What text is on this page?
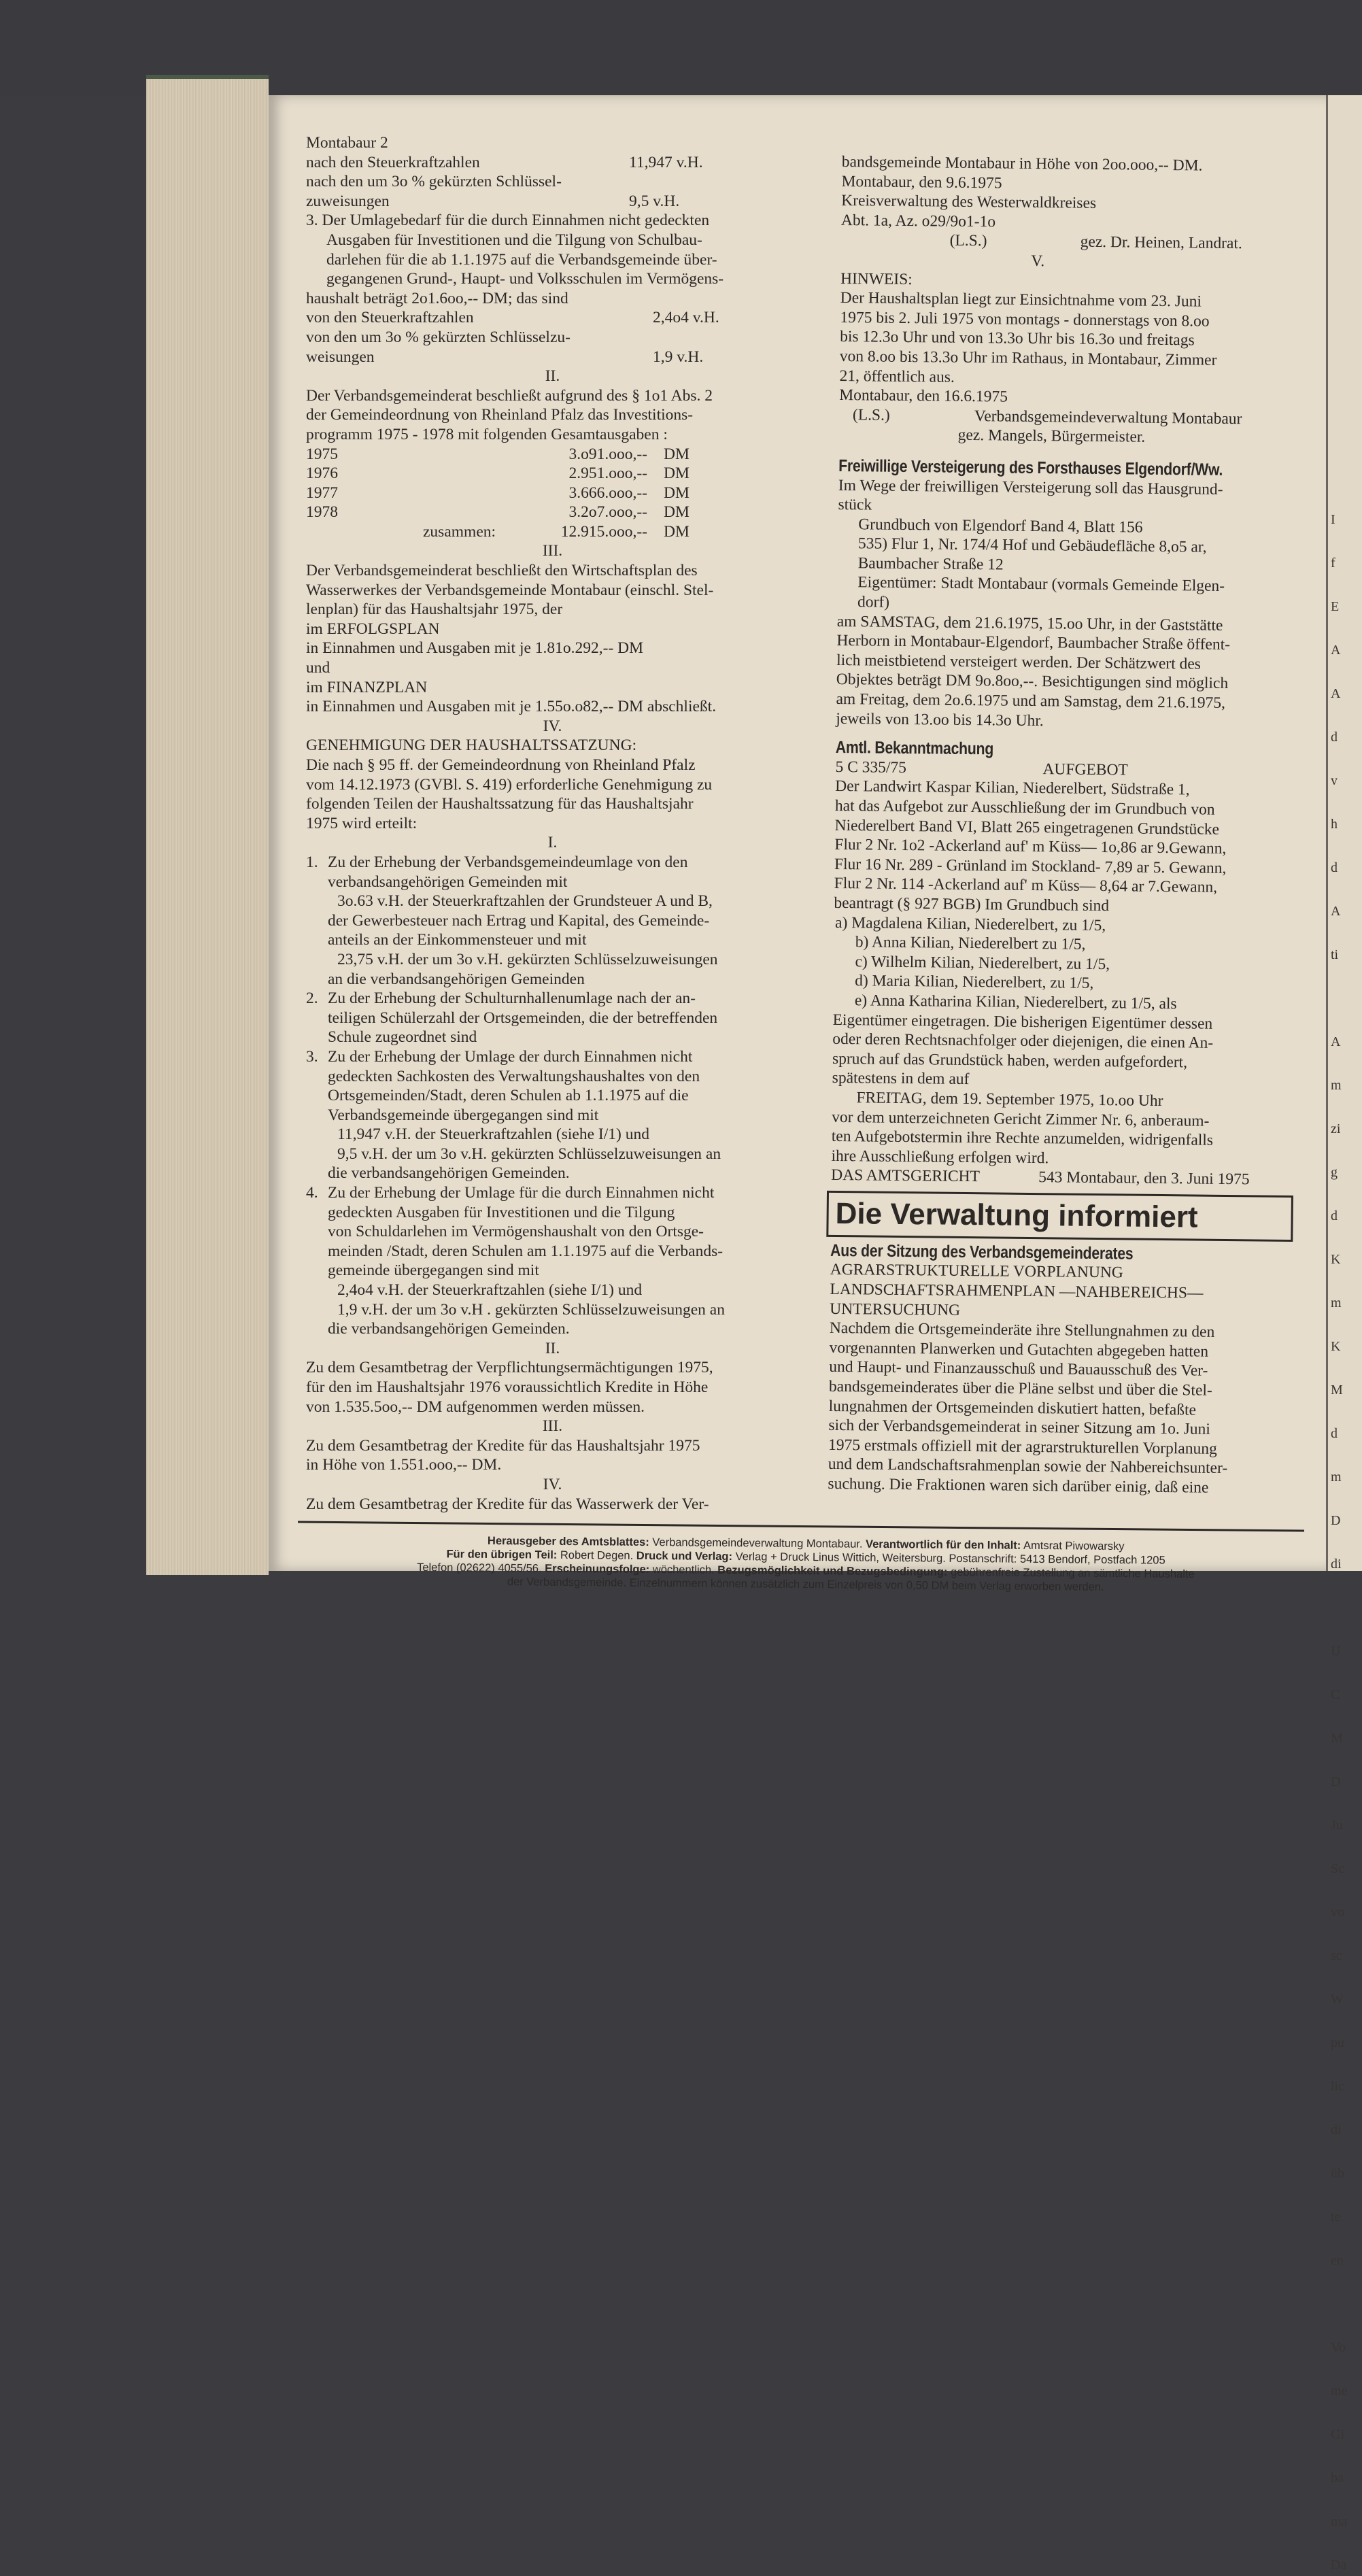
I
f
E
A
A
d
v
h
d
A
ti
A
m
zi
g
d
K
m
K
M
d
m
D
di
U
C
M
D
Ju
Sc
vo
sc
W
pu
lic
di
üb
te
en
Vo
me
Gi
ba
ma
Da
Montabaur 2
nach den Steuerkraftzahlen	11,947 v.H.
nach den um 3o % gekürzten Schlüssel-
zuweisungen	9,5 v.H.
3. Der Umlagebedarf für die durch Einnahmen nicht gedeckten
Ausgaben für Investitionen und die Tilgung von Schulbau-
darlehen für die ab 1.1.1975 auf die Verbandsgemeinde über-
gegangenen Grund-, Haupt- und Volksschulen im Vermögens-
haushalt beträgt 2o1.6oo,-- DM; das sind
von den Steuerkraftzahlen	2,4o4 v.H.
von den um 3o % gekürzten Schlüsselzu-
weisungen	1,9 v.H.
II.
Der Verbandsgemeinderat beschließt aufgrund des § 1o1 Abs. 2
der Gemeindeordnung von Rheinland Pfalz das Investitions-
programm 1975 - 1978 mit folgenden Gesamtausgaben :
1975	3.o91.ooo,--	DM
1976	2.951.ooo,--	DM
1977	3.666.ooo,--	DM
1978	3.2o7.ooo,--	DM
zusammen:	12.915.ooo,--	DM
III.
Der Verbandsgemeinderat beschließt den Wirtschaftsplan des
Wasserwerkes der Verbandsgemeinde Montabaur (einschl. Stel-
lenplan) für das Haushaltsjahr 1975, der
im ERFOLGSPLAN
in Einnahmen und Ausgaben mit je 1.81o.292,-- DM
und
im FINANZPLAN
in Einnahmen und Ausgaben mit je 1.55o.o82,-- DM abschließt.
IV.
GENEHMIGUNG DER HAUSHALTSSATZUNG:
Die nach § 95 ff. der Gemeindeordnung von Rheinland Pfalz
vom 14.12.1973 (GVBl. S. 419) erforderliche Genehmigung zu
folgenden Teilen der Haushaltssatzung für das Haushaltsjahr
1975 wird erteilt:
I.
1. Zu der Erhebung der Verbandsgemeindeumlage von den
verbandsangehörigen Gemeinden mit
3o.63 v.H. der Steuerkraftzahlen der Grundsteuer A und B,
der Gewerbesteuer nach Ertrag und Kapital, des Gemeinde-
anteils an der Einkommensteuer und mit
23,75 v.H. der um 3o v.H. gekürzten Schlüsselzuweisungen
an die verbandsangehörigen Gemeinden
2. Zu der Erhebung der Schulturnhallenumlage nach der an-
teiligen Schülerzahl der Ortsgemeinden, die der betreffenden
Schule zugeordnet sind
3. Zu der Erhebung der Umlage der durch Einnahmen nicht
gedeckten Sachkosten des Verwaltungshaushaltes von den
Ortsgemeinden/Stadt, deren Schulen ab 1.1.1975 auf die
Verbandsgemeinde übergegangen sind mit
11,947 v.H. der Steuerkraftzahlen (siehe I/1) und
9,5 v.H. der um 3o v.H. gekürzten Schlüsselzuweisungen an
die verbandsangehörigen Gemeinden.
4. Zu der Erhebung der Umlage für die durch Einnahmen nicht
gedeckten Ausgaben für Investitionen und die Tilgung
von Schuldarlehen im Vermögenshaushalt von den Ortsge-
meinden /Stadt, deren Schulen am 1.1.1975 auf die Verbands-
gemeinde übergegangen sind mit
2,4o4 v.H. der Steuerkraftzahlen (siehe I/1) und
1,9 v.H. der um 3o v.H . gekürzten Schlüsselzuweisungen an
die verbandsangehörigen Gemeinden.
II.
Zu dem Gesamtbetrag der Verpflichtungsermächtigungen 1975,
für den im Haushaltsjahr 1976 voraussichtlich Kredite in Höhe
von 1.535.5oo,-- DM aufgenommen werden müssen.
III.
Zu dem Gesamtbetrag der Kredite für das Haushaltsjahr 1975
in Höhe von 1.551.ooo,-- DM.
IV.
Zu dem Gesamtbetrag der Kredite für das Wasserwerk der Ver-
bandsgemeinde Montabaur in Höhe von 2oo.ooo,-- DM.
Montabaur, den 9.6.1975
Kreisverwaltung des Westerwaldkreises
Abt. 1a, Az. o29/9o1-1o
(L.S.)	gez. Dr. Heinen, Landrat.
V.
HINWEIS:
Der Haushaltsplan liegt zur Einsichtnahme vom 23. Juni
1975 bis 2. Juli 1975 von montags - donnerstags von 8.oo
bis 12.3o Uhr und von 13.3o Uhr bis 16.3o und freitags
von 8.oo bis 13.3o Uhr im Rathaus, in Montabaur, Zimmer
21, öffentlich aus.
Montabaur, den 16.6.1975
(L.S.)	Verbandsgemeindeverwaltung Montabaur
gez. Mangels, Bürgermeister.
Freiwillige Versteigerung des Forsthauses Elgendorf/Ww.
Im Wege der freiwilligen Versteigerung soll das Hausgrund-
stück
Grundbuch von Elgendorf Band 4, Blatt 156
535) Flur 1, Nr. 174/4 Hof und Gebäudefläche 8,o5 ar,
Baumbacher Straße 12
Eigentümer: Stadt Montabaur (vormals Gemeinde Elgen-
dorf)
am SAMSTAG, dem 21.6.1975, 15.oo Uhr, in der Gaststätte
Herborn in Montabaur-Elgendorf, Baumbacher Straße öffent-
lich meistbietend versteigert werden. Der Schätzwert des
Objektes beträgt DM 9o.8oo,--. Besichtigungen sind möglich
am Freitag, dem 2o.6.1975 und am Samstag, dem 21.6.1975,
jeweils von 13.oo bis 14.3o Uhr.
Amtl. Bekanntmachung
5 C 335/75	AUFGEBOT
Der Landwirt Kaspar Kilian, Niederelbert, Südstraße 1,
hat das Aufgebot zur Ausschließung der im Grundbuch von
Niederelbert Band VI, Blatt 265 eingetragenen Grundstücke
Flur 2 Nr. 1o2 -Ackerland auf' m Küss— 1o,86 ar 9.Gewann,
Flur 16 Nr. 289 - Grünland im Stockland- 7,89 ar 5. Gewann,
Flur 2 Nr. 114 -Ackerland auf' m Küss— 8,64 ar 7.Gewann,
beantragt (§ 927 BGB) Im Grundbuch sind
a) Magdalena Kilian, Niederelbert, zu 1/5,
b) Anna Kilian, Niederelbert zu 1/5,
c) Wilhelm Kilian, Niederelbert, zu 1/5,
d) Maria Kilian, Niederelbert, zu 1/5,
e) Anna Katharina Kilian, Niederelbert, zu 1/5, als
Eigentümer eingetragen. Die bisherigen Eigentümer dessen
oder deren Rechtsnachfolger oder diejenigen, die einen An-
spruch auf das Grundstück haben, werden aufgefordert,
spätestens in dem auf
FREITAG, dem 19. September 1975, 1o.oo Uhr
vor dem unterzeichneten Gericht Zimmer Nr. 6, anberaum-
ten Aufgebotstermin ihre Rechte anzumelden, widrigenfalls
ihre Ausschließung erfolgen wird.
DAS AMTSGERICHT	543 Montabaur, den 3. Juni 1975
Die Verwaltung informiert
Aus der Sitzung des Verbandsgemeinderates
AGRARSTRUKTURELLE VORPLANUNG
LANDSCHAFTSRAHMENPLAN —NAHBEREICHS—
UNTERSUCHUNG
Nachdem die Ortsgemeinderäte ihre Stellungnahmen zu den
vorgenannten Planwerken und Gutachten abgegeben hatten
und Haupt- und Finanzausschuß und Bauausschuß des Ver-
bandsgemeinderates über die Pläne selbst und über die Stel-
lungnahmen der Ortsgemeinden diskutiert hatten, befaßte
sich der Verbandsgemeinderat in seiner Sitzung am 1o. Juni
1975 erstmals offiziell mit der agrarstrukturellen Vorplanung
und dem Landschaftsrahmenplan sowie der Nahbereichsunter-
suchung. Die Fraktionen waren sich darüber einig, daß eine
Herausgeber des Amtsblattes: Verbandsgemeindeverwaltung Montabaur. Verantwortlich für den Inhalt: Amtsrat Piwowarsky
Für den übrigen Teil: Robert Degen. Druck und Verlag: Verlag + Druck Linus Wittich, Weitersburg. Postanschrift: 5413 Bendorf, Postfach 1205
Telefon (02622) 4055/56. Erscheinungsfolge: wöchentlich. Bezugsmöglichkeit und Bezugsbedingung: gebührenfreie Zustellung an sämtliche Haushalte
der Verbandsgemeinde. Einzelnummern können zusätzlich zum Einzelpreis von 0,50 DM beim Verlag erworben werden.
